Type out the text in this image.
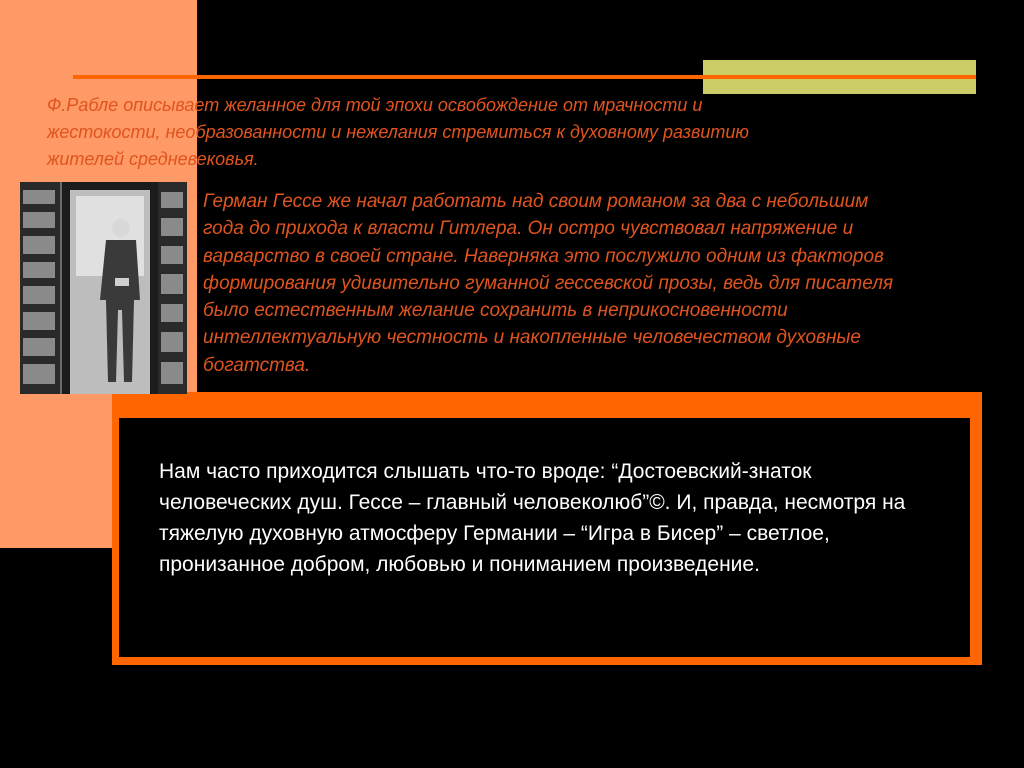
Ф.Рабле описывает желанное для той эпохи освобождение от мрачности и жестокости, необразованности и нежелания стремиться к духовному развитию жителей средневековья.
Герман Гессе же начал работать над своим романом за два с небольшим
года до прихода к власти Гитлера. Он остро чувствовал напряжение и
варварство в своей стране. Наверняка это послужило одним из факторов
формирования удивительно гуманной гессевской прозы, ведь для писателя
было естественным желание сохранить в неприкосновенности
интеллектуальную честность и накопленные человечеством духовные
богатства.
Нам часто приходится слышать что-то вроде: “Достоевский-знаток человеческих душ. Гессе – главный человеколюб”©. И, правда, несмотря на тяжелую духовную атмосферу Германии – “Игра в Бисер” – светлое, пронизанное добром, любовью и пониманием произведение.
